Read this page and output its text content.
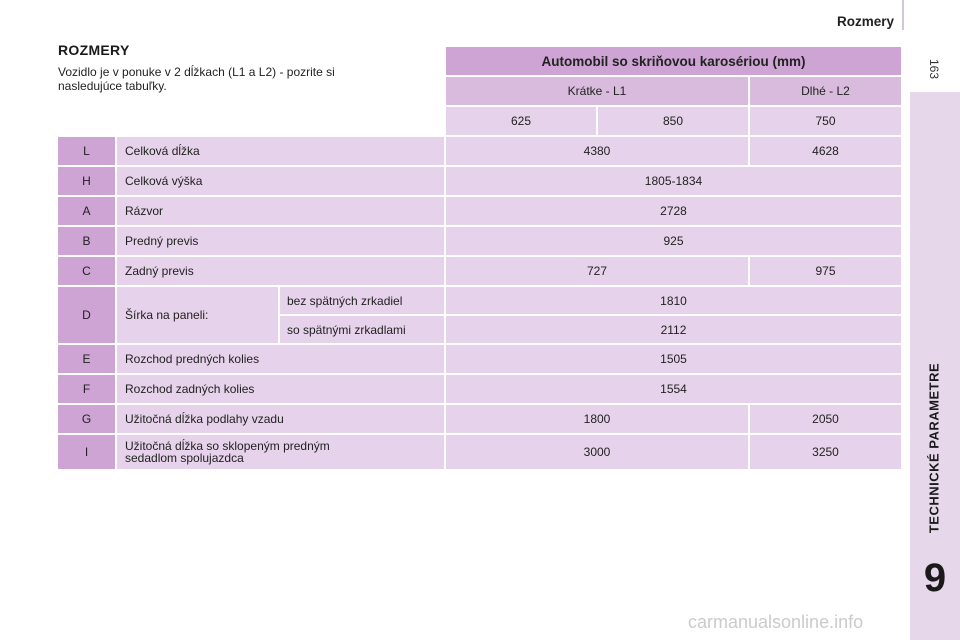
Rozmery
163
TECHNICKÉ PARAMETRE
9
carmanualsonline.info
ROZMERY
Vozidlo je v ponuke v 2 dĺžkach (L1 a L2) - pozrite si
nasledujúce tabuľky.
Automobil so skriňovou karosériou (mm)
Krátke - L1	Dlhé - L2
625	850	750
L	Celková dĺžka	4380	4628
H	Celková výška	1805-1834
A	Rázvor	2728
B	Predný previs	925
C	Zadný previs	727	975
D	Šírka na paneli:
bez spätných zrkadiel	1810
so spätnými zrkadlami	2112
E	Rozchod predných kolies	1505
F	Rozchod zadných kolies	1554
G	Užitočná dĺžka podlahy vzadu	1800	2050
I	Užitočná dĺžka so sklopeným predným
sedadlom spolujazdca	3000	3250
